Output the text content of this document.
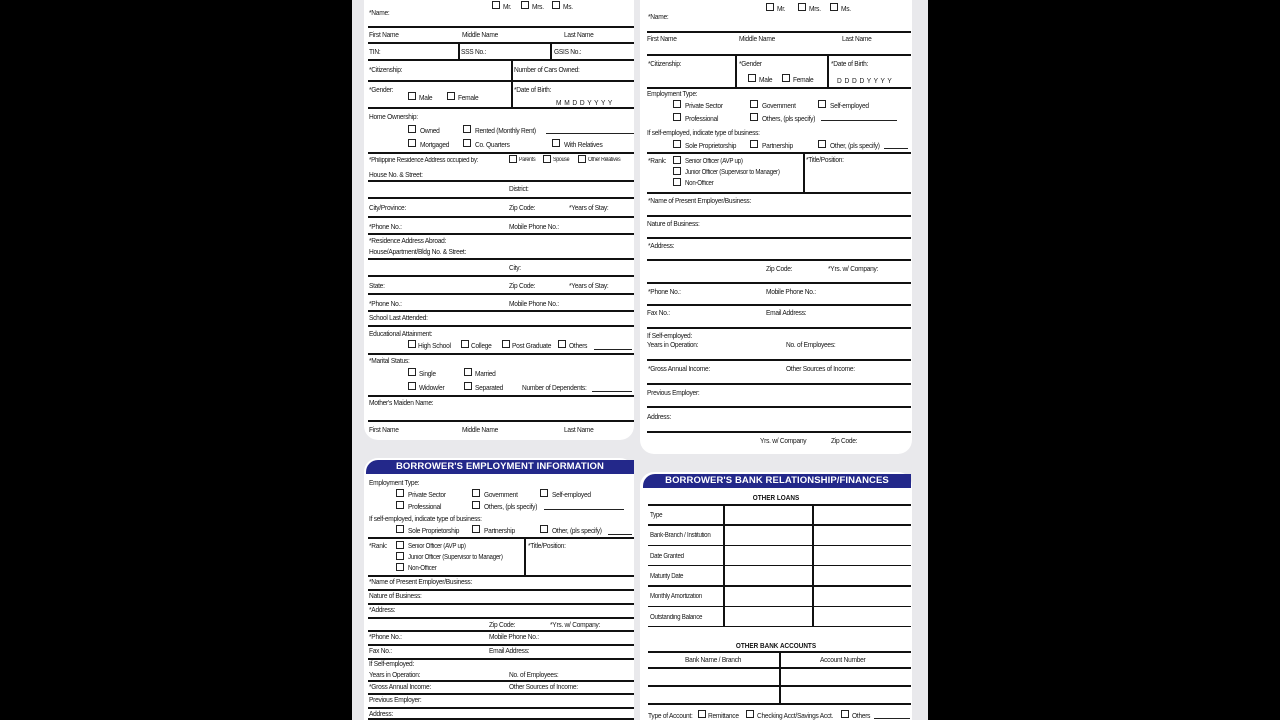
Mr.	Mrs.	Ms.
*Name:
First Name	Middle Name	Last Name
TIN:	SSS No.:	GSIS No.:
*Citizenship:	Number of Cars Owned:
*Gender:
Male	Female
*Date of Birth:
M M D D Y Y Y Y
Home Ownership:
Owned	Rented (Monthly Rent)
Mortgaged	Co. Quarters	With Relatives
*Philippine Residence Address occupied by:	Parents	Spouse	Other Relatives
House No. & Street:
District:
City/Province:	Zip Code:	*Years of Stay:
*Phone No.:	Mobile Phone No.:
*Residence Address Abroad:
House/Apartment/Bldg No. & Street:
City:
State:	Zip Code:	*Years of Stay:
*Phone No.:	Mobile Phone No.:
School Last Attended:
Educational Attainment:
High School	College	Post Graduate Others
*Marital Status:
Single	Married
Widow/er	Separated	Number of Dependents:
Mother's Maiden Name:
First Name	Middle Name	Last Name
Mr.	Mrs.	Ms.
*Name:
First Name	Middle Name	Last Name
*Citizenship:	*Gender
Male	Female
*Date of Birth:
D D D D Y Y Y Y
Employment Type:
Private Sector	Government	Self-employed
Professional	Others, (pls specify)
If self-employed, indicate type of business:
Sole Proprietorship	Partnership	Other, (pls specify)
*Rank:	Senior Officer (AVP up)
Junior Officer (Supervisor to Manager)
Non-Officer
*Title/Position:
*Name of Present Employer/Business:
Nature of Business:
*Address:
Zip Code:	*Yrs. w/ Company:
*Phone No.:	Mobile Phone No.:
Fax No.:	Email Address:
If Self-employed:
Years in Operation:	No. of Employees:
*Gross Annual Income:	Other Sources of Income:
Previous Employer:
Address:
Yrs. w/ Company	Zip Code:
BORROWER'S EMPLOYMENT INFORMATION
Employment Type:
Private Sector	Government	Self-employed
Professional	Others, (pls specify)
If self-employed, indicate type of business:
Sole Proprietorship	Partnership	Other, (pls specify)
*Rank:	Senior Officer (AVP up)
Junior Officer (Supervisor to Manager)
Non-Officer
*Title/Position:
*Name of Present Employer/Business:
Nature of Business:
*Address:
Zip Code:	*Yrs. w/ Company:
*Phone No.:	Mobile Phone No.:
Fax No.:	Email Address:
If Self-employed:
Years in Operation:	No. of Employees:
*Gross Annual Income:	Other Sources of Income:
Previous Employer:
Address:
BORROWER'S BANK RELATIONSHIP/FINANCES
OTHER LOANS
Type
Bank-Branch / Institution
Date Granted
Maturity Date
Monthly Amortization
Outstanding Balance
OTHER BANK ACCOUNTS
Bank Name / Branch	Account Number
Type of Account: Remittance Checking Acct/Savings Acct.	Others
